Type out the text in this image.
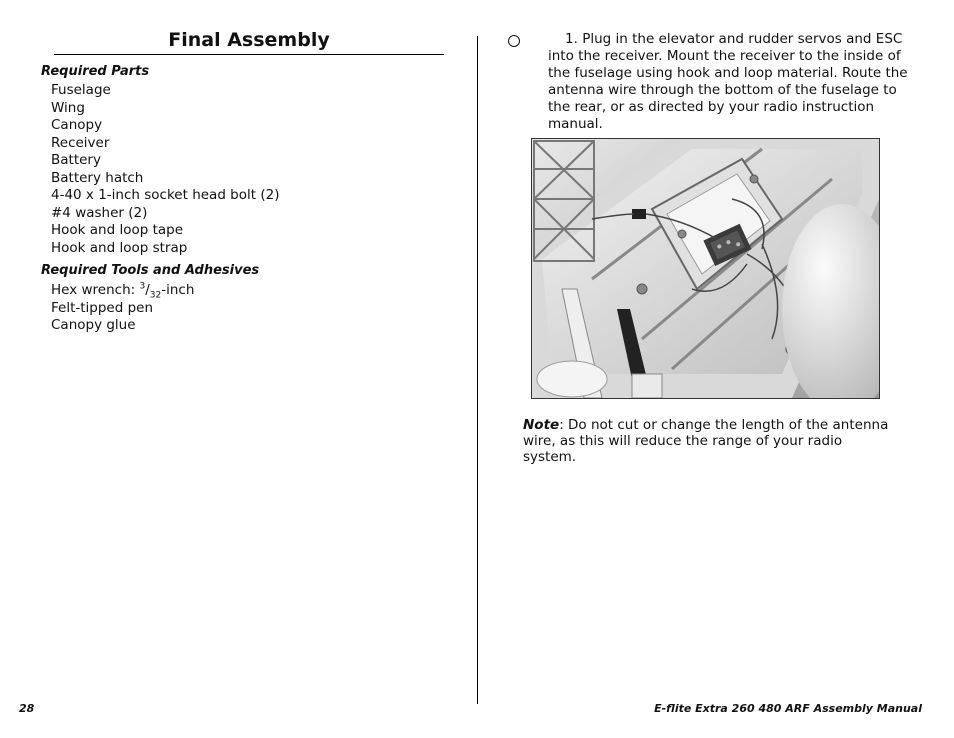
Final Assembly
Required Parts
Fuselage
Wing
Canopy
Receiver
Battery
Battery hatch
4-40 x 1-inch socket head bolt (2)
#4 washer (2)
Hook and loop tape
Hook and loop strap
Required Tools and Adhesives
Hex wrench: $^3/_{32}$-inch
Felt-tipped pen
Canopy glue

1. Plug in the elevator and rudder servos and ESC into the receiver. Mount the receiver to the inside of the fuselage using hook and loop material. Route the antenna wire through the bottom of the fuselage to the rear, or as directed by your radio instruction manual.

Note: Do not cut or change the length of the antenna wire, as this will reduce the range of your radio system.

28	E-flite Extra 260 480 ARF Assembly Manual
